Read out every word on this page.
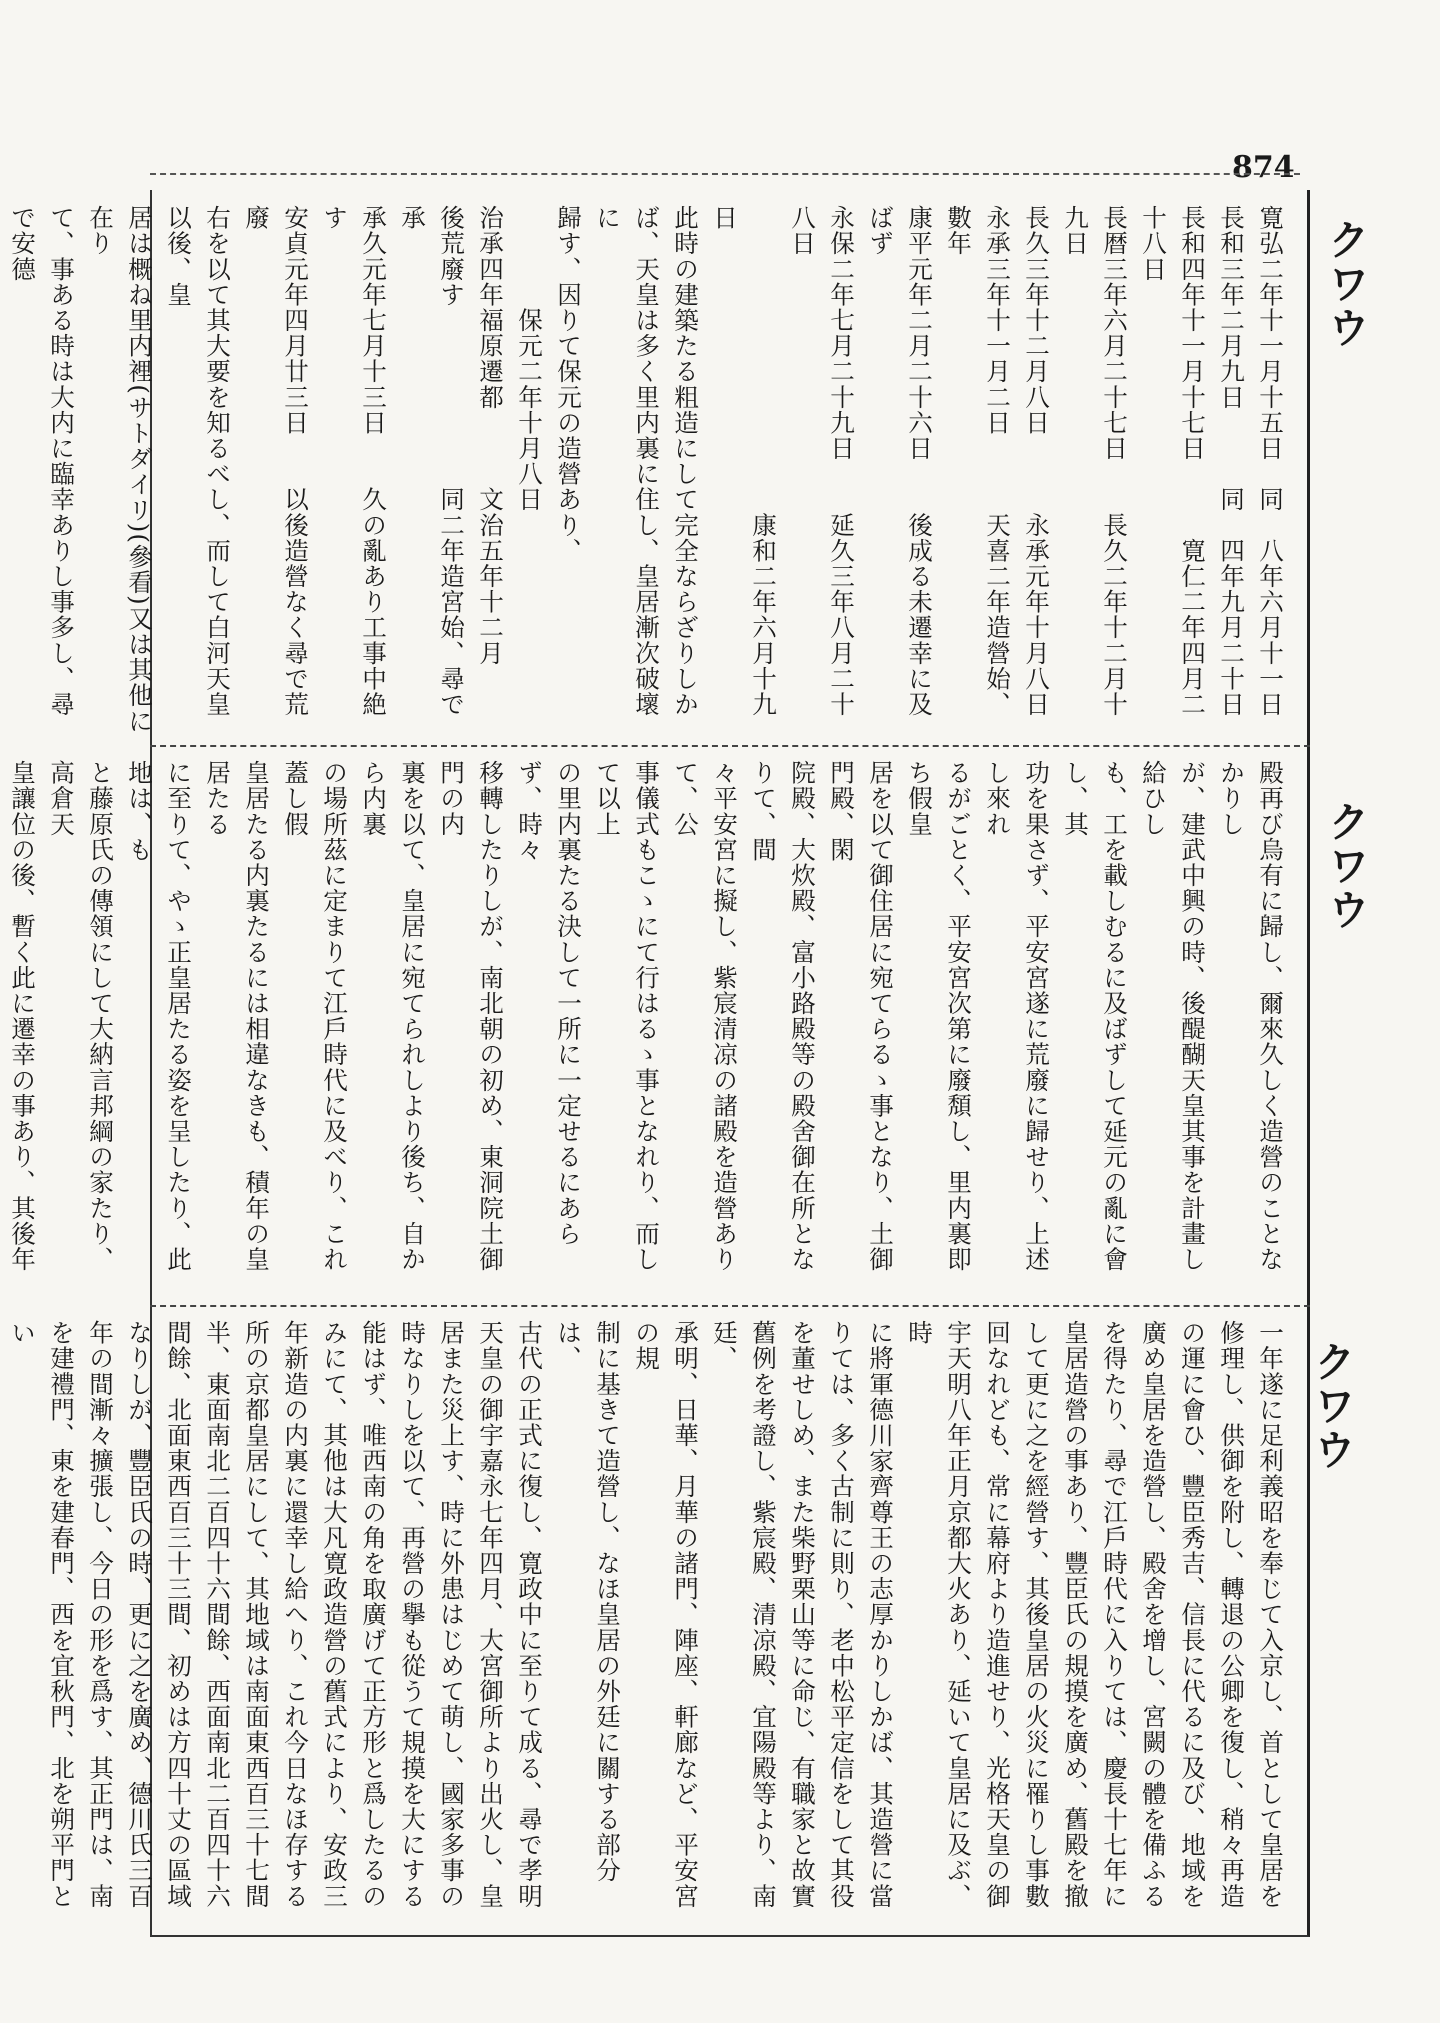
874
クワウ
クワウ
クワウ
寛弘二年十一月十五日　同　八年六月十一日
長和三年二月九日　　　同　四年九月二十日
長和四年十一月十七日　　　寛仁二年四月二十八日
長暦三年六月二十七日　　長久二年十二月十九日
長久三年十二月八日　　　永承元年十月八日
永承三年十一月二日　　　天喜二年造營始、數年
康平元年二月二十六日　　後成る未遷幸に及ばず
永保二年七月二十九日　　延久三年八月二十八日
　　　　　　　　　　　　康和二年六月十九日
此時の建築たる粗造にして完全ならざりしか
ば、天皇は多く里内裏に住し、皇居漸次破壞に
歸す、因りて保元の造營あり、
　　　　保元二年十月八日
治承四年福原遷都　　　文治五年十二月
後荒廢す　　　　　　　同二年造宮始、尋で承
承久元年七月十三日　　久の亂あり工事中絶す
安貞元年四月廿三日　　以後造營なく尋で荒廢
右を以て其大要を知るべし、而して白河天皇以後、皇
居は概ね里内裡(サトダイリ)(參看)又は其他に在り
て、事ある時は大内に臨幸ありし事多し、尋で安德
殿再び烏有に歸し、爾來久しく造營のことなかりし
が、建武中興の時、後醍醐天皇其事を計畫し給ひし
も、工を載しむるに及ばずして延元の亂に會し、其
功を果さず、平安宮遂に荒廢に歸せり、上述し來れ
るがごとく、平安宮次第に廢頽し、里内裏即ち假皇
居を以て御住居に宛てらるゝ事となり、土御門殿、閑
院殿、大炊殿、富小路殿等の殿舍御在所となりて、間
々平安宮に擬し、紫宸清凉の諸殿を造營ありて、公
事儀式もこゝにて行はるゝ事となれり、而して以上
の里内裏たる決して一所に一定せるにあらず、時々
移轉したりしが、南北朝の初め、東洞院土御門の内
裏を以て、皇居に宛てられしより後ち、自から内裏
の場所茲に定まりて江戶時代に及べり、これ蓋し假
皇居たる内裏たるには相違なきも、積年の皇居たる
に至りて、やゝ正皇居たる姿を呈したり、此地は、も
と藤原氏の傳領にして大納言邦綱の家たり、高倉天
皇讓位の後、暫く此に遷幸の事あり、其後年
一年遂に足利義昭を奉じて入京し、首として皇居を
修理し、供御を附し、轉退の公卿を復し、稍々再造
の運に會ひ、豐臣秀吉、信長に代るに及び、地域を
廣め皇居を造營し、殿舍を增し、宮闕の體を備ふる
を得たり、尋で江戶時代に入りては、慶長十七年に
皇居造營の事あり、豐臣氏の規摸を廣め、舊殿を撤
して更に之を經營す、其後皇居の火災に罹りし事數
回なれども、常に幕府より造進せり、光格天皇の御
宇天明八年正月京都大火あり、延いて皇居に及ぶ、時
に將軍德川家齊尊王の志厚かりしかば、其造營に當
りては、多く古制に則り、老中松平定信をして其役
を董せしめ、また柴野栗山等に命じ、有職家と故實
舊例を考證し、紫宸殿、清凉殿、宜陽殿等より、南廷、
承明、日華、月華の諸門、陣座、軒廊など、平安宮の規
制に基きて造營し、なほ皇居の外廷に關する部分は、
古代の正式に復し、寛政中に至りて成る、尋で孝明
天皇の御宇嘉永七年四月、大宮御所より出火し、皇
居また災上す、時に外患はじめて萌し、國家多事の
時なりしを以て、再營の擧も從うて規摸を大にする
能はず、唯西南の角を取廣げて正方形と爲したるの
みにて、其他は大凡寛政造營の舊式により、安政三
年新造の内裏に還幸し給へり、これ今日なほ存する
所の京都皇居にして、其地域は南面東西百三十七間
半、東面南北二百四十六間餘、西面南北二百四十六
間餘、北面東西百三十三間、初めは方四十丈の區域
なりしが、豐臣氏の時、更に之を廣め、德川氏三百
年の間漸々擴張し、今日の形を爲す、其正門は、南
を建禮門、東を建春門、西を宜秋門、北を朔平門とい
